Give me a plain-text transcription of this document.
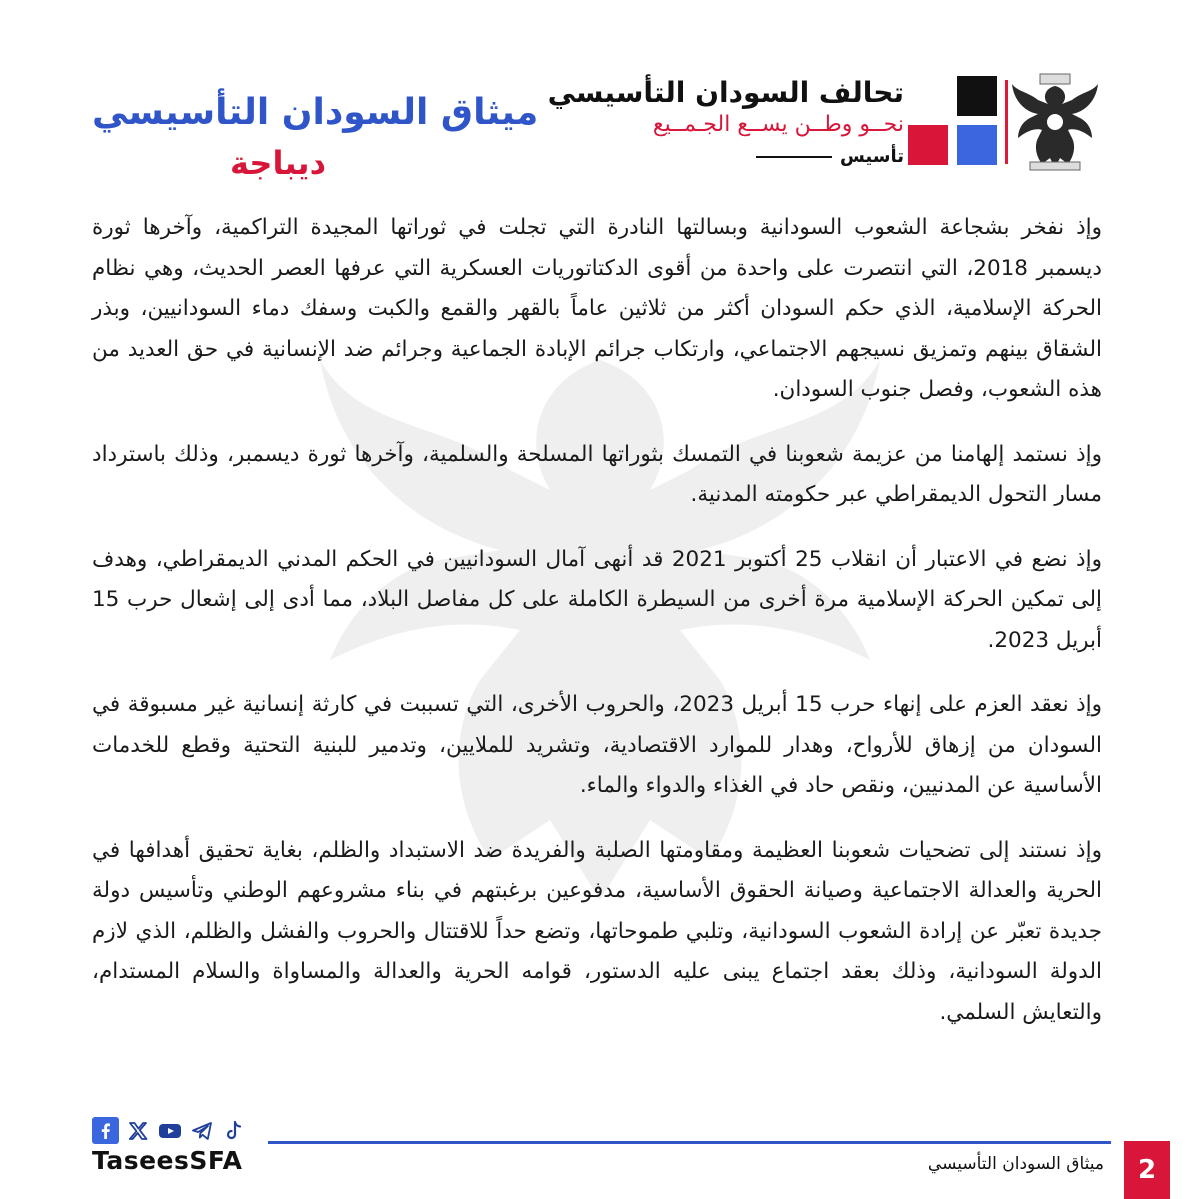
تحالف السودان التأسيسي
نحــو وطــن يســع الجـمــيع
تأسيس
ميثاق السودان التأسيسي
ديباجة

وإذ نفخر بشجاعة الشعوب السودانية وبسالتها النادرة التي تجلت في ثوراتها المجيدة التراكمية، وآخرها ثورة ديسمبر 2018، التي انتصرت على واحدة من أقوى الدكتاتوريات العسكرية التي عرفها العصر الحديث، وهي نظام الحركة الإسلامية، الذي حكم السودان أكثر من ثلاثين عاماً بالقهر والقمع والكبت وسفك دماء السودانيين، وبذر الشقاق بينهم وتمزيق نسيجهم الاجتماعي، وارتكاب جرائم الإبادة الجماعية وجرائم ضد الإنسانية في حق العديد من هذه الشعوب، وفصل جنوب السودان.

وإذ نستمد إلهامنا من عزيمة شعوبنا في التمسك بثوراتها المسلحة والسلمية، وآخرها ثورة ديسمبر، وذلك باسترداد مسار التحول الديمقراطي عبر حكومته المدنية.

وإذ نضع في الاعتبار أن انقلاب 25 أكتوبر 2021 قد أنهى آمال السودانيين في الحكم المدني الديمقراطي، وهدف إلى تمكين الحركة الإسلامية مرة أخرى من السيطرة الكاملة على كل مفاصل البلاد، مما أدى إلى إشعال حرب 15 أبريل 2023.

وإذ نعقد العزم على إنهاء حرب 15 أبريل 2023، والحروب الأخرى، التي تسببت في كارثة إنسانية غير مسبوقة في السودان من إزهاق للأرواح، وهدار للموارد الاقتصادية، وتشريد للملايين، وتدمير للبنية التحتية وقطع للخدمات الأساسية عن المدنيين، ونقص حاد في الغذاء والدواء والماء.

وإذ نستند إلى تضحيات شعوبنا العظيمة ومقاومتها الصلبة والفريدة ضد الاستبداد والظلم، بغاية تحقيق أهدافها في الحرية والعدالة الاجتماعية وصيانة الحقوق الأساسية، مدفوعين برغبتهم في بناء مشروعهم الوطني وتأسيس دولة جديدة تعبّر عن إرادة الشعوب السودانية، وتلبي طموحاتها، وتضع حداً للاقتتال والحروب والفشل والظلم، الذي لازم الدولة السودانية، وذلك بعقد اجتماع يبنى عليه الدستور، قوامه الحرية والعدالة والمساواة والسلام المستدام، والتعايش السلمي.

TaseesSFA	ميثاق السودان التأسيسي	2
